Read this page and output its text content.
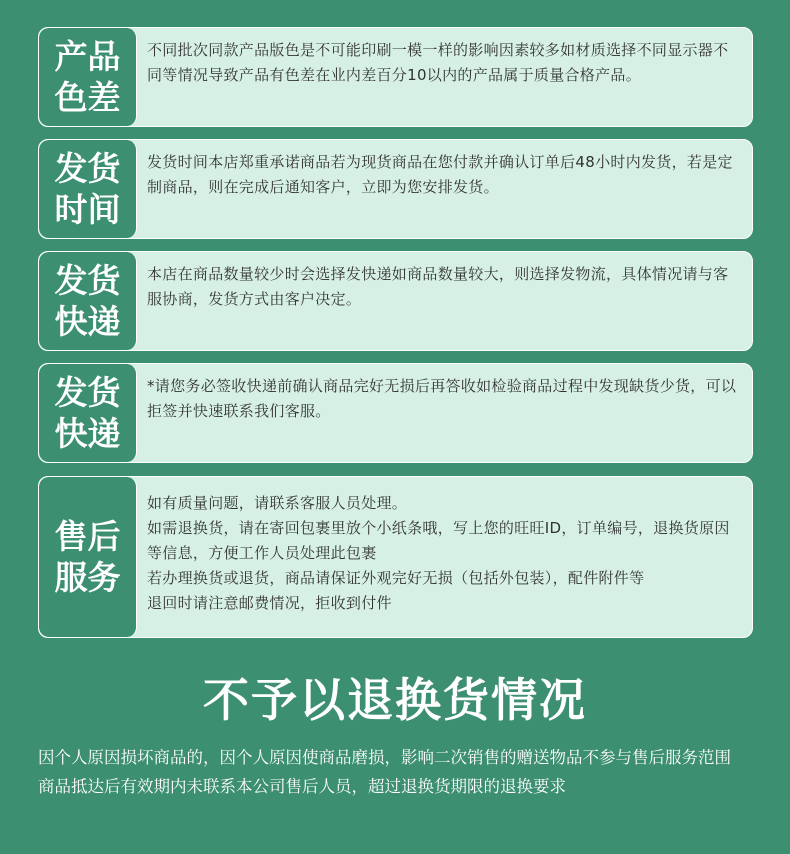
产品
色差

不同批次同款产品版色是不可能印刷一模一样的影响因素较多如材质选择不同显示器不同等情况导致产品有色差在业内差百分10以内的产品属于质量合格产品。

发货
时间

发货时间本店郑重承诺商品若为现货商品在您付款并确认订单后48小时内发货，若是定制商品，则在完成后通知客户，立即为您安排发货。

发货
快递

本店在商品数量较少时会选择发快递如商品数量较大，则选择发物流，具体情况请与客服协商，发货方式由客户决定。

发货
快递

*请您务必签收快递前确认商品完好无损后再答收如检验商品过程中发现缺货少货，可以拒签并快速联系我们客服。

售后
服务

如有质量问题，请联系客服人员处理。

如需退换货，请在寄回包裹里放个小纸条哦，写上您的旺旺ID，订单编号，退换货原因等信息，方便工作人员处理此包裹

若办理换货或退货，商品请保证外观完好无损（包括外包装），配件附件等

退回时请注意邮费情况，拒收到付件

不予以退换货情况

因个人原因损坏商品的，因个人原因使商品磨损，影响二次销售的赠送物品不参与售后服务范围

商品抵达后有效期内未联系本公司售后人员，超过退换货期限的退换要求
